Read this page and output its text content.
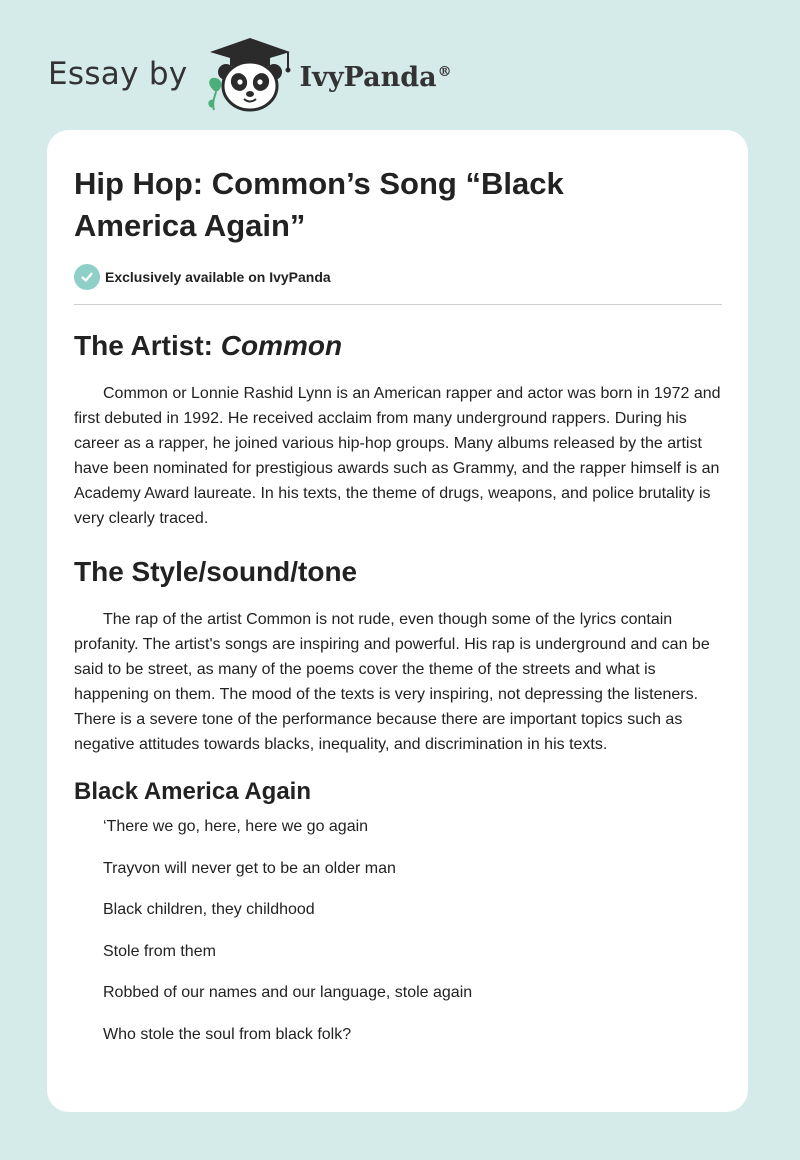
Essay by	IvyPanda®
Hip Hop: Common’s Song “Black America Again”
Exclusively available on IvyPanda
The Artist: Common

Common or Lonnie Rashid Lynn is an American rapper and actor was born in 1972 and first debuted in 1992. He received acclaim from many underground rappers. During his career as a rapper, he joined various hip-hop groups. Many albums released by the artist have been nominated for prestigious awards such as Grammy, and the rapper himself is an Academy Award laureate. In his texts, the theme of drugs, weapons, and police brutality is very clearly traced.

The Style/sound/tone

The rap of the artist Common is not rude, even though some of the lyrics contain profanity. The artist's songs are inspiring and powerful. His rap is underground and can be said to be street, as many of the poems cover the theme of the streets and what is happening on them. The mood of the texts is very inspiring, not depressing the listeners. There is a severe tone of the performance because there are important topics such as negative attitudes towards blacks, inequality, and discrimination in his texts.

Black America Again

‘There we go, here, here we go again

Trayvon will never get to be an older man

Black children, they childhood

Stole from them

Robbed of our names and our language, stole again

Who stole the soul from black folk?
